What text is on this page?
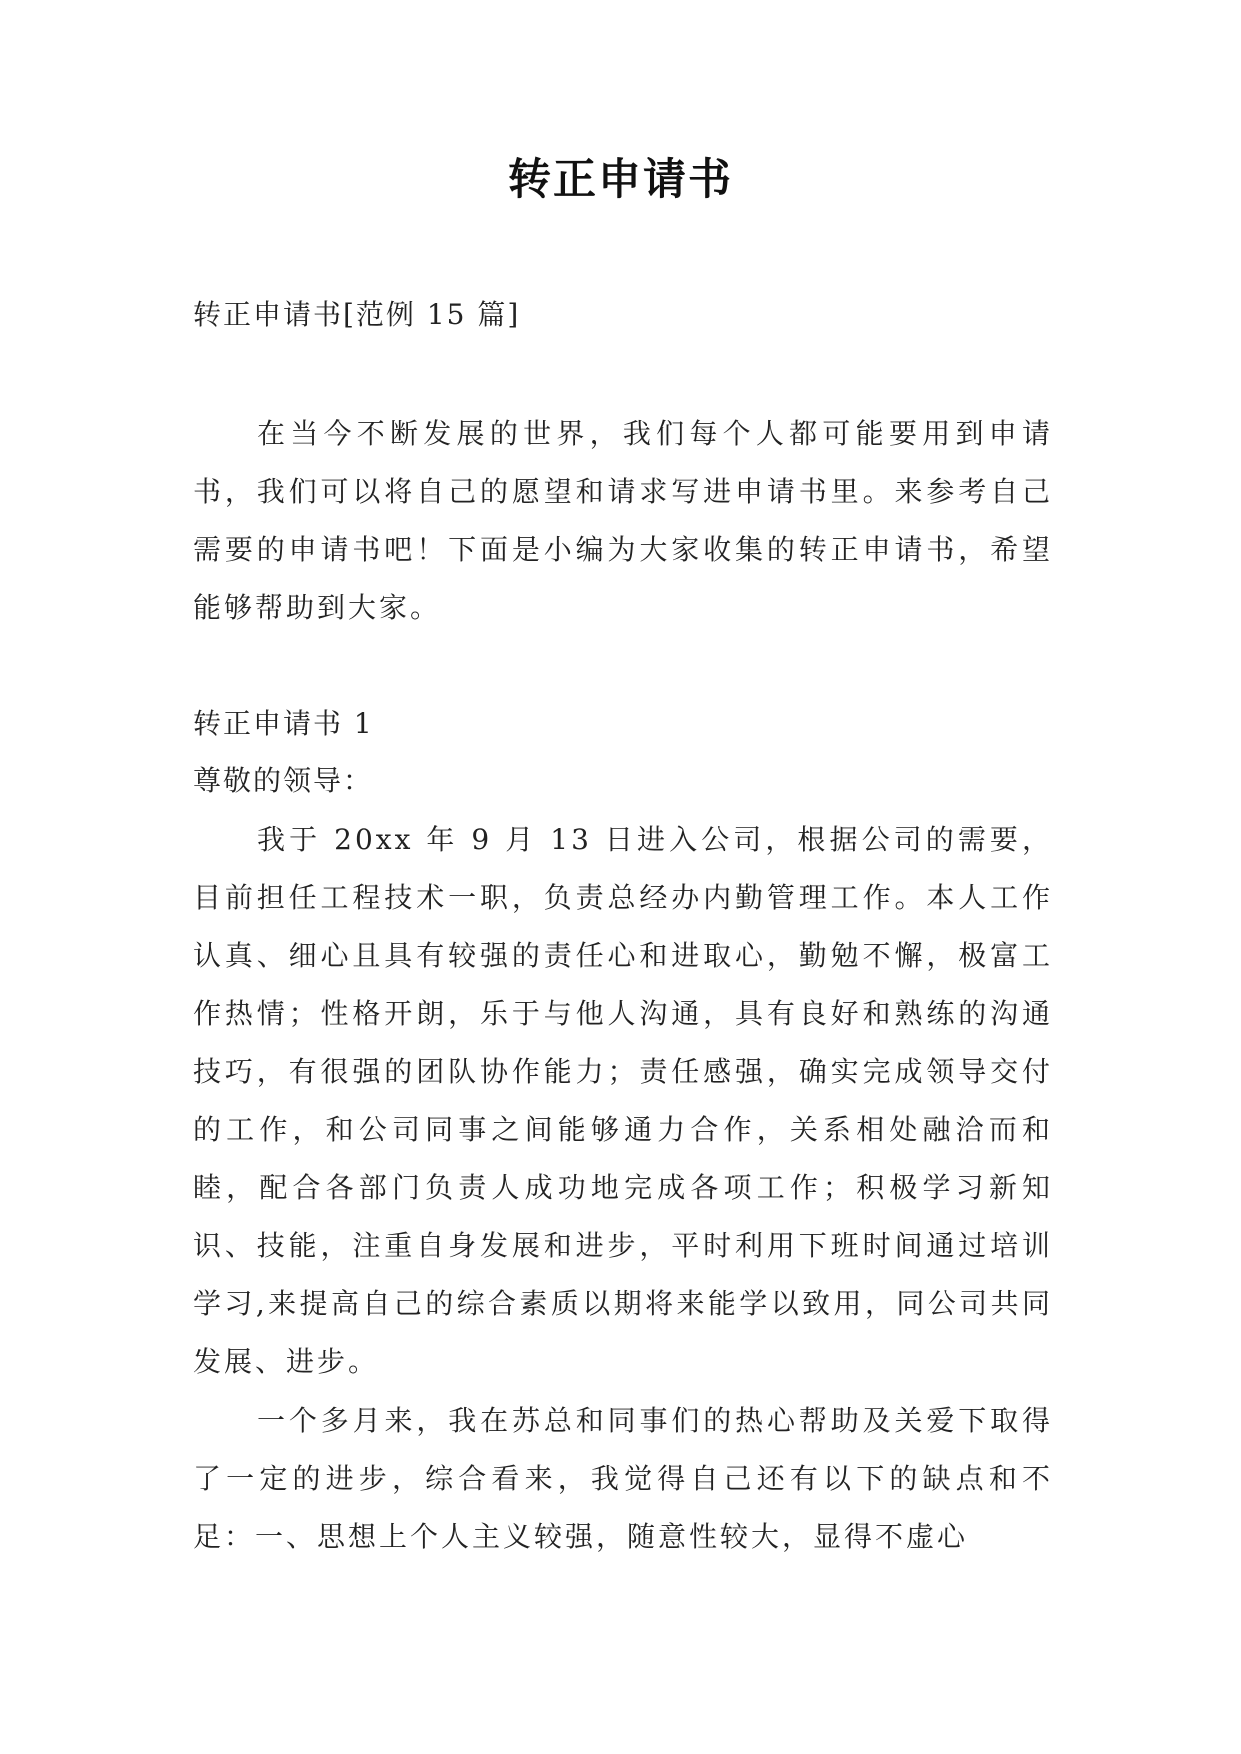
转正申请书
转正申请书[范例 15 篇]
在当今不断发展的世界，我们每个人都可能要用到申请书，我们可以将自己的愿望和请求写进申请书里。来参考自己需要的申请书吧！下面是小编为大家收集的转正申请书，希望能够帮助到大家。
转正申请书 1
尊敬的领导：
我于 20xx 年 9 月 13 日进入公司，根据公司的需要，目前担任工程技术一职，负责总经办内勤管理工作。本人工作认真、细心且具有较强的责任心和进取心，勤勉不懈，极富工作热情；性格开朗，乐于与他人沟通，具有良好和熟练的沟通技巧，有很强的团队协作能力；责任感强，确实完成领导交付的工作，和公司同事之间能够通力合作，关系相处融洽而和睦，配合各部门负责人成功地完成各项工作；积极学习新知识、技能，注重自身发展和进步，平时利用下班时间通过培训学习,来提高自己的综合素质以期将来能学以致用，同公司共同发展、进步。
一个多月来，我在苏总和同事们的热心帮助及关爱下取得了一定的进步，综合看来，我觉得自己还有以下的缺点和不足：一、思想上个人主义较强，随意性较大，显得不虚心
